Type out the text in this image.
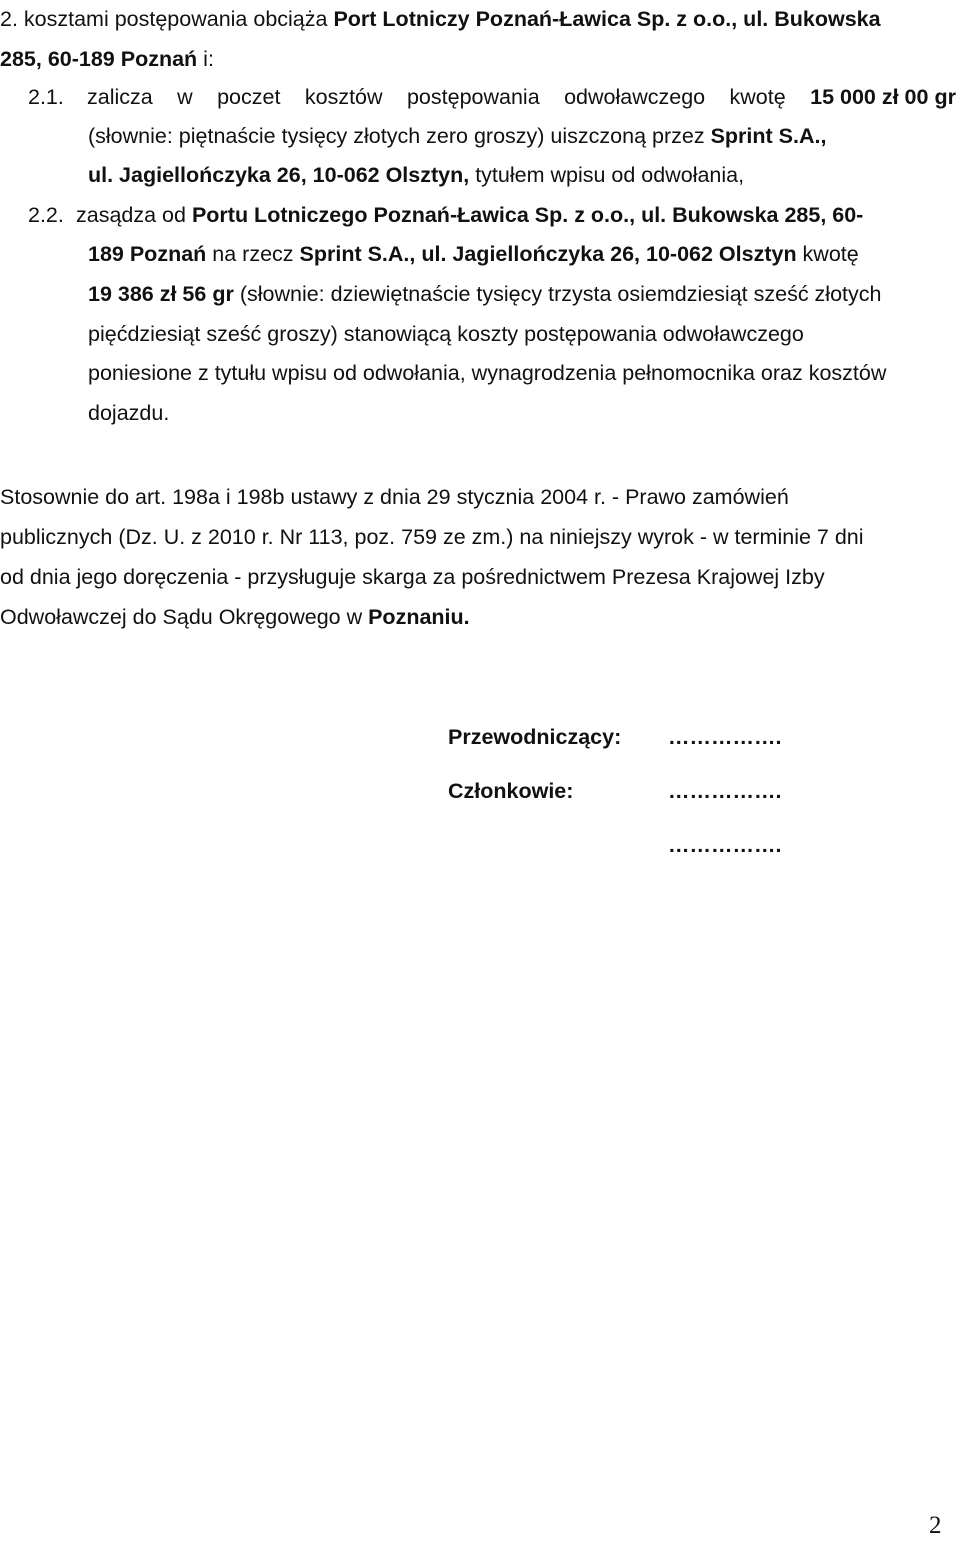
2. kosztami postępowania obciąża Port Lotniczy Poznań-Ławica Sp. z o.o., ul. Bukowska
285, 60-189 Poznań i:
2.1. zalicza w poczet kosztów postępowania odwoławczego kwotę 15 000 zł 00 gr
(słownie: piętnaście tysięcy złotych zero groszy) uiszczoną przez Sprint S.A.,
ul. Jagiellończyka 26, 10-062 Olsztyn, tytułem wpisu od odwołania,
2.2. zasądza od Portu Lotniczego Poznań-Ławica Sp. z o.o., ul. Bukowska 285, 60-
189 Poznań na rzecz Sprint S.A., ul. Jagiellończyka 26, 10-062 Olsztyn kwotę
19 386 zł 56 gr (słownie: dziewiętnaście tysięcy trzysta osiemdziesiąt sześć złotych
pięćdziesiąt sześć groszy) stanowiącą koszty postępowania odwoławczego
poniesione z tytułu wpisu od odwołania, wynagrodzenia pełnomocnika oraz kosztów
dojazdu.
Stosownie do art. 198a i 198b ustawy z dnia 29 stycznia 2004 r. - Prawo zamówień
publicznych (Dz. U. z 2010 r. Nr 113, poz. 759 ze zm.) na niniejszy wyrok - w terminie 7 dni
od dnia jego doręczenia - przysługuje skarga za pośrednictwem Prezesa Krajowej Izby
Odwoławczej do Sądu Okręgowego w Poznaniu.
Przewodniczący: …………….
Członkowie:	…………….
…………….
2
